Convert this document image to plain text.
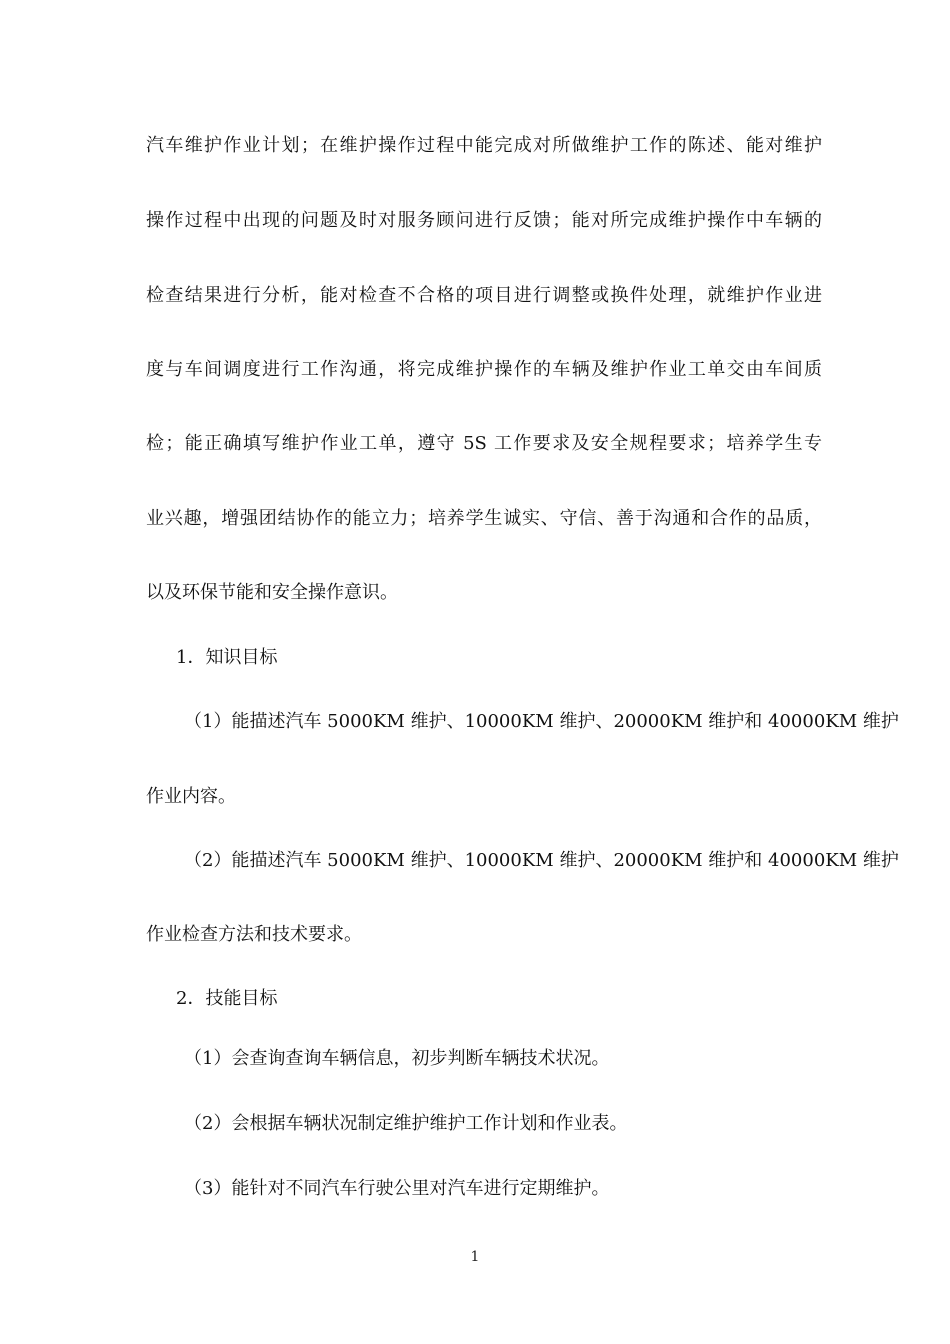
汽车维护作业计划；在维护操作过程中能完成对所做维护工作的陈述、能对维护
操作过程中出现的问题及时对服务顾问进行反馈；能对所完成维护操作中车辆的
检查结果进行分析，能对检查不合格的项目进行调整或换件处理，就维护作业进
度与车间调度进行工作沟通，将完成维护操作的车辆及维护作业工单交由车间质
检；能正确填写维护作业工单，遵守 5S 工作要求及安全规程要求；培养学生专
业兴趣，增强团结协作的能立力；培养学生诚实、守信、善于沟通和合作的品质，
以及环保节能和安全操作意识。
1．知识目标
（1）能描述汽车 5000KM 维护、10000KM 维护、20000KM 维护和 40000KM 维护
作业内容。
（2）能描述汽车 5000KM 维护、10000KM 维护、20000KM 维护和 40000KM 维护
作业检查方法和技术要求。
2．技能目标
（1）会查询查询车辆信息，初步判断车辆技术状况。
（2）会根据车辆状况制定维护维护工作计划和作业表。
（3）能针对不同汽车行驶公里对汽车进行定期维护。
1
